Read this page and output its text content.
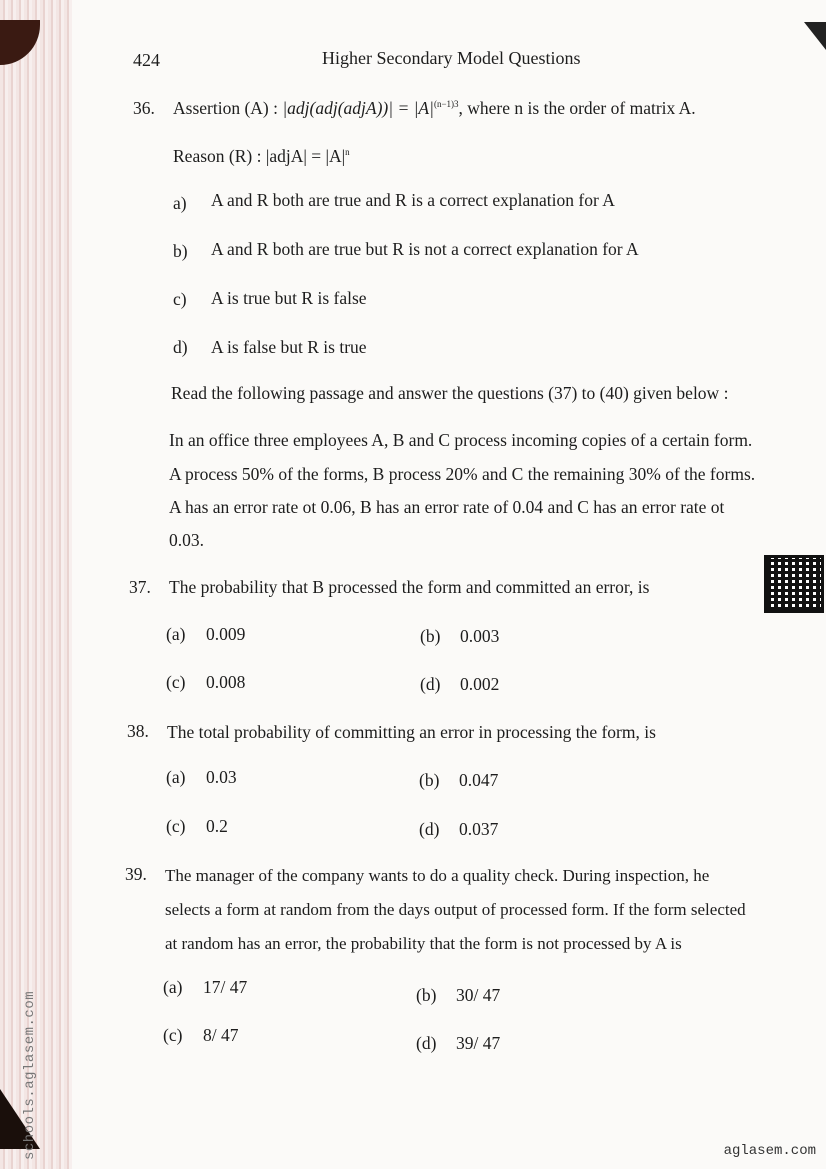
424	Higher Secondary Model Questions
36. Assertion (A) : |adj(adj(adjA))| = $|A|^{(n-1)3}$, where n is the order of matrix A.
Reason (R) : |adjA| = $|A|^n$
a) A and R both are true and R is a correct explanation for A
b) A and R both are true but R is not a correct explanation for A
c) A is true but R is false
d) A is false but R is true
Read the following passage and answer the questions (37) to (40) given below :
In an office three employees A, B and C process incoming copies of a certain form.
A process 50% of the forms, B process 20% and C the remaining 30% of the forms.
A has an error rate ot 0.06, B has an error rate of 0.04 and C has an error rate ot
0.03.
37. The probability that B processed the form and committed an error, is
(a) 0.009	(b) 0.003
(c) 0.008	(d) 0.002
38. The total probability of committing an error in processing the form, is
(a) 0.03	(b) 0.047
(c) 0.2	(d) 0.037
39. The manager of the company wants to do a quality check. During inspection, he
selects a form at random from the days output of processed form. If the form selected
at random has an error, the probability that the form is not processed by A is
(a) 17/ 47	(b) 30/ 47
(c) 8/ 47	(d) 39/ 47
schools.aglasem.com	aglasem.com
